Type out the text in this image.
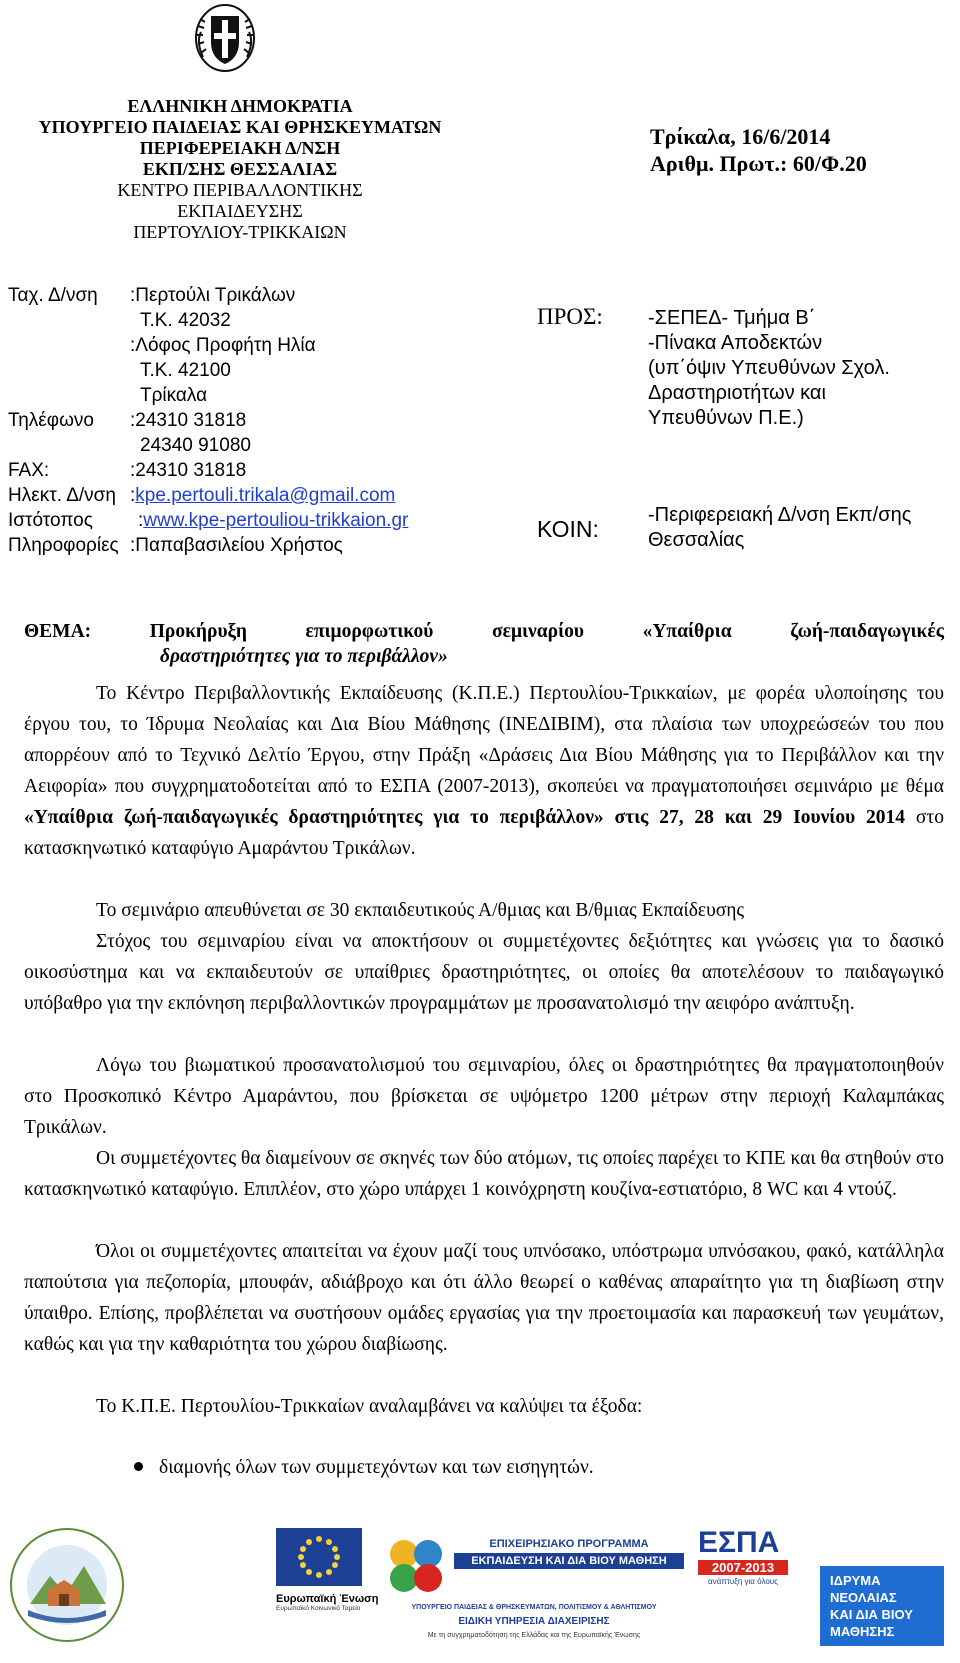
ΕΛΛΗΝΙΚΗ ΔΗΜΟΚΡΑΤΙΑ
ΥΠΟΥΡΓΕΙΟ ΠΑΙΔΕΙΑΣ ΚΑΙ ΘΡΗΣΚΕΥΜΑΤΩΝ
ΠΕΡΙΦΕΡΕΙΑΚΗ Δ/ΝΣΗ
ΕΚΠ/ΣΗΣ ΘΕΣΣΑΛΙΑΣ
ΚΕΝΤΡΟ ΠΕΡΙΒΑΛΛΟΝΤΙΚΗΣ
ΕΚΠΑΙΔΕΥΣΗΣ
ΠΕΡΤΟΥΛΙΟΥ-ΤΡΙΚΚΑΙΩΝ
Τρίκαλα, 16/6/2014
Αριθμ. Πρωτ.: 60/Φ.20
Ταχ. Δ/νση :Περτούλι Τρικάλων
Τ.Κ. 42032
:Λόφος Προφήτη Ηλία
Τ.Κ. 42100
Τρίκαλα
Τηλέφωνο :24310 31818
24340 91080
FAX:	:24310 31818
Ηλεκτ. Δ/νση :kpe.pertouli.trikala@gmail.com
Ιστότοπος :www.kpe-pertouliou-trikkaion.gr
Πληροφορίες :Παπαβασιλείου Χρήστος
ΠΡΟΣ: -ΣΕΠΕΔ- Τμήμα Β΄
-Πίνακα Αποδεκτών
(υπ΄όψιν Υπευθύνων Σχολ.
Δραστηριοτήτων και
Υπευθύνων Π.Ε.)
ΚΟΙΝ:
-Περιφερειακή Δ/νση Εκπ/σης
Θεσσαλίας
ΘΕΜΑ:	Προκήρυξη	επιμορφωτικού	σεμιναρίου	«Υπαίθρια	ζωή-παιδαγωγικές
δραστηριότητες για το περιβάλλον»

Το Κέντρο Περιβαλλοντικής Εκπαίδευσης (Κ.Π.Ε.) Περτουλίου-Τρικκαίων, με φορέα υλοποίησης του έργου του, το Ίδρυμα Νεολαίας και Δια Βίου Μάθησης (ΙΝΕΔΙΒΙΜ), στα πλαίσια των υποχρεώσεών του που απορρέουν από το Τεχνικό Δελτίο Έργου, στην Πράξη «Δράσεις Δια Βίου Μάθησης για το Περιβάλλον και την Αειφορία» που συγχρηματοδοτείται από το ΕΣΠΑ (2007-2013), σκοπεύει να πραγματοποιήσει σεμινάριο με θέμα «Υπαίθρια ζωή-παιδαγωγικές δραστηριότητες για το περιβάλλον» στις 27, 28 και 29 Ιουνίου 2014 στο κατασκηνωτικό καταφύγιο Αμαράντου Τρικάλων.

Το σεμινάριο απευθύνεται σε 30 εκπαιδευτικούς Α/θμιας και Β/θμιας Εκπαίδευσης

Στόχος του σεμιναρίου είναι να αποκτήσουν οι συμμετέχοντες δεξιότητες και γνώσεις για το δασικό οικοσύστημα και να εκπαιδευτούν σε υπαίθριες δραστηριότητες, οι οποίες θα αποτελέσουν το παιδαγωγικό υπόβαθρο για την εκπόνηση περιβαλλοντικών προγραμμάτων με προσανατολισμό την αειφόρο ανάπτυξη.

Λόγω του βιωματικού προσανατολισμού του σεμιναρίου, όλες οι δραστηριότητες θα πραγματοποιηθούν στο Προσκοπικό Κέντρο Αμαράντου, που βρίσκεται σε υψόμετρο 1200 μέτρων στην περιοχή Καλαμπάκας Τρικάλων.

Οι συμμετέχοντες θα διαμείνουν σε σκηνές των δύο ατόμων, τις οποίες παρέχει το ΚΠΕ και θα στηθούν στο κατασκηνωτικό καταφύγιο. Επιπλέον, στο χώρο υπάρχει 1 κοινόχρηστη κουζίνα-εστιατόριο, 8 WC και 4 ντούζ.

Όλοι οι συμμετέχοντες απαιτείται να έχουν μαζί τους υπνόσακο, υπόστρωμα υπνόσακου, φακό, κατάλληλα παπούτσια για πεζοπορία, μπουφάν, αδιάβροχο και ότι άλλο θεωρεί ο καθένας απαραίτητο για τη διαβίωση στην ύπαιθρο. Επίσης, προβλέπεται να συστήσουν ομάδες εργασίας για την προετοιμασία και παρασκευή των γευμάτων, καθώς και για την καθαριότητα του χώρου διαβίωσης.

Το Κ.Π.Ε. Περτουλίου-Τρικκαίων αναλαμβάνει να καλύψει τα έξοδα:

διαμονής όλων των συμμετεχόντων και των εισηγητών.
Ευρωπαϊκή Ένωση
Ευρωπαϊκό Κοινωνικό Ταμείο
ΕΠΙΧΕΙΡΗΣΙΑΚΟ ΠΡΟΓΡΑΜΜΑ
ΕΚΠΑΙΔΕΥΣΗ ΚΑΙ ΔΙΑ ΒΙΟΥ ΜΑΘΗΣΗ
ΥΠΟΥΡΓΕΙΟ ΠΑΙΔΕΙΑΣ & ΘΡΗΣΚΕΥΜΑΤΩΝ, ΠΟΛΙΤΙΣΜΟΥ & ΑΘΛΗΤΙΣΜΟΥ
ΕΙΔΙΚΗ ΥΠΗΡΕΣΙΑ ΔΙΑΧΕΙΡΙΣΗΣ
Με τη συγχρηματοδότηση της Ελλάδας και της Ευρωπαϊκής Ένωσης
ΕΣΠΑ
2007-2013
ανάπτυξη για όλους	ΙΔΡΥΜΑ
ΝΕΟΛΑΙΑΣ
ΚΑΙ ΔΙΑ ΒΙΟΥ
ΜΑΘΗΣΗΣ
